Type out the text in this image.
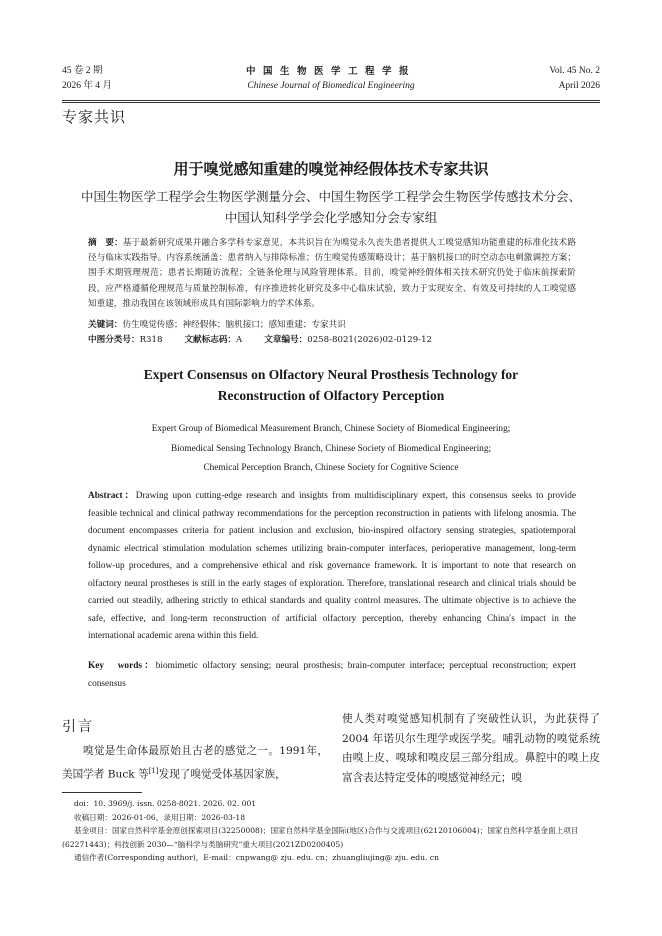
45 卷 2 期
2026 年 4 月
中国生物医学工程学报
Chinese Journal of Biomedical Engineering
Vol. 45 No. 2
April 2026
专家共识
用于嗅觉感知重建的嗅觉神经假体技术专家共识
中国生物医学工程学会生物医学测量分会、中国生物医学工程学会生物医学传感技术分会、
中国认知科学学会化学感知分会专家组
摘　要：基于最新研究成果并融合多学科专家意见，本共识旨在为嗅觉永久丧失患者提供人工嗅觉感知功能重建的标准化技术路径与临床实践指导。内容系统涵盖：患者纳入与排除标准；仿生嗅觉传感策略设计；基于脑机接口的时空动态电刺激调控方案；围手术期管理规范；患者长期随访流程；全链条伦理与风险管理体系。目前，嗅觉神经假体相关技术研究仍处于临床前探索阶段，应严格遵循伦理规范与质量控制标准，有序推进转化研究及多中心临床试验，致力于实现安全、有效及可持续的人工嗅觉感知重建，推动我国在该领域形成具有国际影响力的学术体系。
关键词：仿生嗅觉传感；神经假体；脑机接口；感知重建；专家共识
中图分类号：R318	文献标志码：A	文章编号：0258-8021(2026)02-0129-12
Expert Consensus on Olfactory Neural Prosthesis Technology for
Reconstruction of Olfactory Perception
Expert Group of Biomedical Measurement Branch, Chinese Society of Biomedical Engineering;
Biomedical Sensing Technology Branch, Chinese Society of Biomedical Engineering;
Chemical Perception Branch, Chinese Society for Cognitive Science
Abstract：Drawing upon cutting-edge research and insights from multidisciplinary expert, this consensus seeks to provide feasible technical and clinical pathway recommendations for the perception reconstruction in patients with lifelong anosmia. The document encompasses criteria for patient inclusion and exclusion, bio-inspired olfactory sensing strategies, spatiotemporal dynamic electrical stimulation modulation schemes utilizing brain-computer interfaces, perioperative management, long-term follow-up procedures, and a comprehensive ethical and risk governance framework. It is important to note that research on olfactory neural prostheses is still in the early stages of exploration. Therefore, translational research and clinical trials should be carried out steadily, adhering strictly to ethical standards and quality control measures. The ultimate objective is to achieve the safe, effective, and long-term reconstruction of artificial olfactory perception, thereby enhancing China′s impact in the international academic arena within this field.
Key　words：biomimetic olfactory sensing; neural prosthesis; brain-computer interface; perceptual reconstruction; expert consensus
引言
嗅觉是生命体最原始且古老的感觉之一。1991年，美国学者 Buck 等[1]发现了嗅觉受体基因家族，
使人类对嗅觉感知机制有了突破性认识，为此获得了 2004 年诺贝尔生理学或医学奖。哺乳动物的嗅觉系统由嗅上皮、嗅球和嗅皮层三部分组成。鼻腔中的嗅上皮富含表达特定受体的嗅感觉神经元；嗅
doi：10. 3969/j. issn. 0258-8021. 2026. 02. 001
收稿日期：2026-01-06，录用日期：2026-03-18
基金项目：国家自然科学基金原创探索项目(32250008)；国家自然科学基金国际(地区)合作与交流项目(62120106004)；国家自然科学基金面上项目(62271443)；科技创新 2030—“脑科学与类脑研究”重大项目(2021ZD0200405)
通信作者(Corresponding author)，E-mail：cnpwang@ zju. edu. cn；zhuangliujing@ zju. edu. cn
